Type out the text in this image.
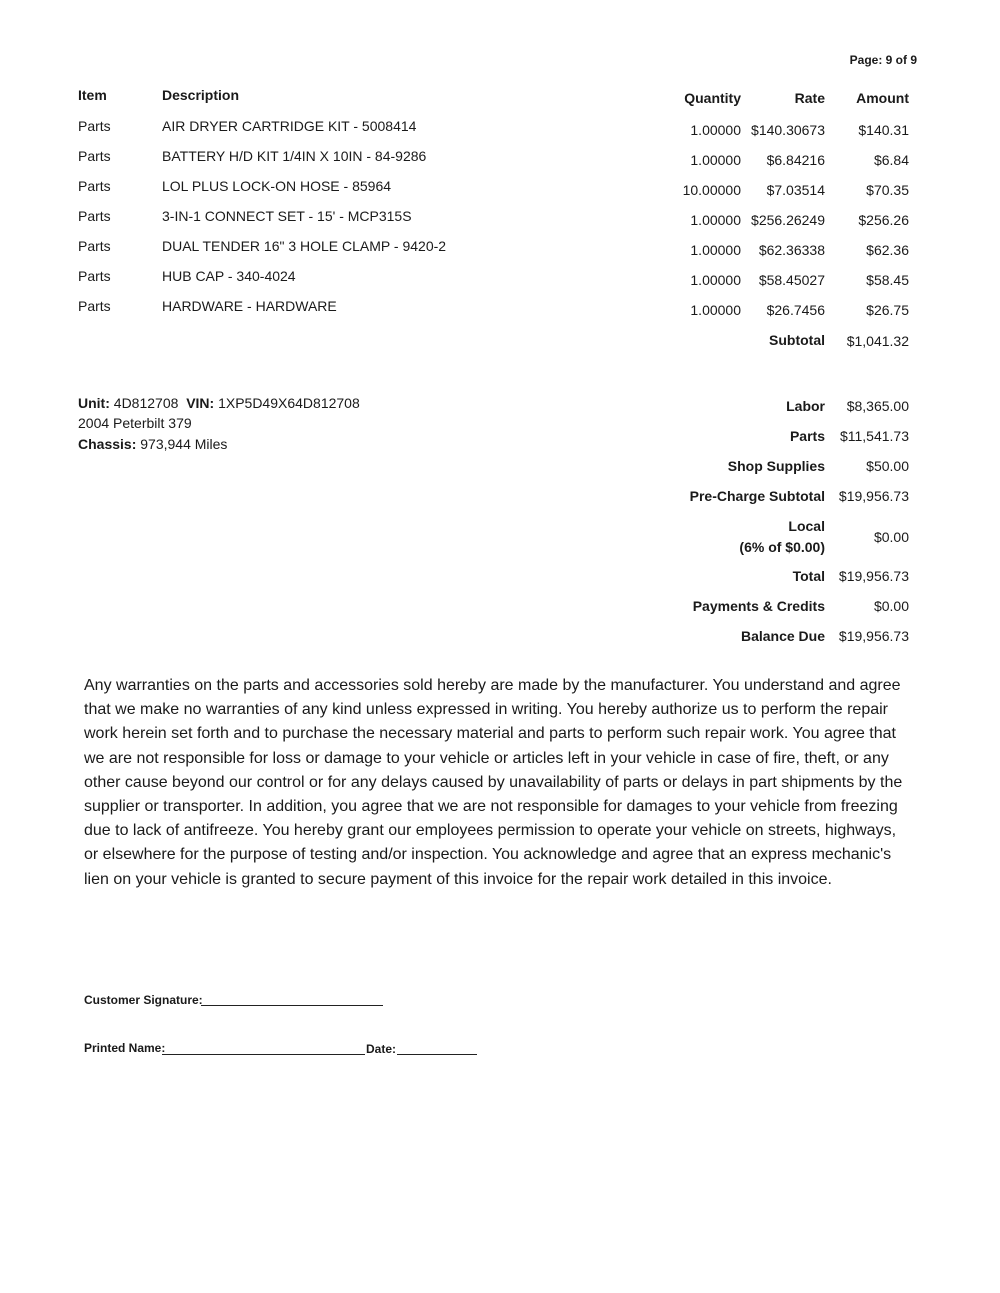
Page: 9 of 9
Item	Description	Quantity	Rate Amount
Parts	AIR DRYER CARTRIDGE KIT - 5008414	1.00000 $140.30673 $140.31
Parts	BATTERY H/D KIT 1/4IN X 10IN - 84-9286	1.00000 $6.84216	$6.84
Parts	LOL PLUS LOCK-ON HOSE - 85964	10.00000 $7.03514	$70.35
Parts	3-IN-1 CONNECT SET - 15' - MCP315S	1.00000 $256.26249 $256.26
Parts	DUAL TENDER 16" 3 HOLE CLAMP - 9420-2	1.00000 $62.36338	$62.36
Parts	HUB CAP - 340-4024	1.00000 $58.45027	$58.45
Parts	HARDWARE - HARDWARE	1.00000 $26.7456	$26.75
Subtotal $1,041.32
Unit: 4D812708 VIN: 1XP5D49X64D812708
2004 Peterbilt 379
Chassis: 973,944 Miles
Labor $8,365.00
Parts $11,541.73
Shop Supplies	$50.00
Pre-Charge Subtotal $19,956.73
Local
(6% of $0.00)
$0.00
Total $19,956.73
Payments & Credits	$0.00
Balance Due $19,956.73
Any warranties on the parts and accessories sold hereby are made by the manufacturer. You understand and agree that we make no warranties of any kind unless expressed in writing. You hereby authorize us to perform the repair work herein set forth and to purchase the necessary material and parts to perform such repair work. You agree that we are not responsible for loss or damage to your vehicle or articles left in your vehicle in case of fire, theft, or any other cause beyond our control or for any delays caused by unavailability of parts or delays in part shipments by the supplier or transporter. In addition, you agree that we are not responsible for damages to your vehicle from freezing due to lack of antifreeze. You hereby grant our employees permission to operate your vehicle on streets, highways, or elsewhere for the purpose of testing and/or inspection. You acknowledge and agree that an express mechanic's lien on your vehicle is granted to secure payment of this invoice for the repair work detailed in this invoice.
Customer Signature:
Printed Name:	Date:
